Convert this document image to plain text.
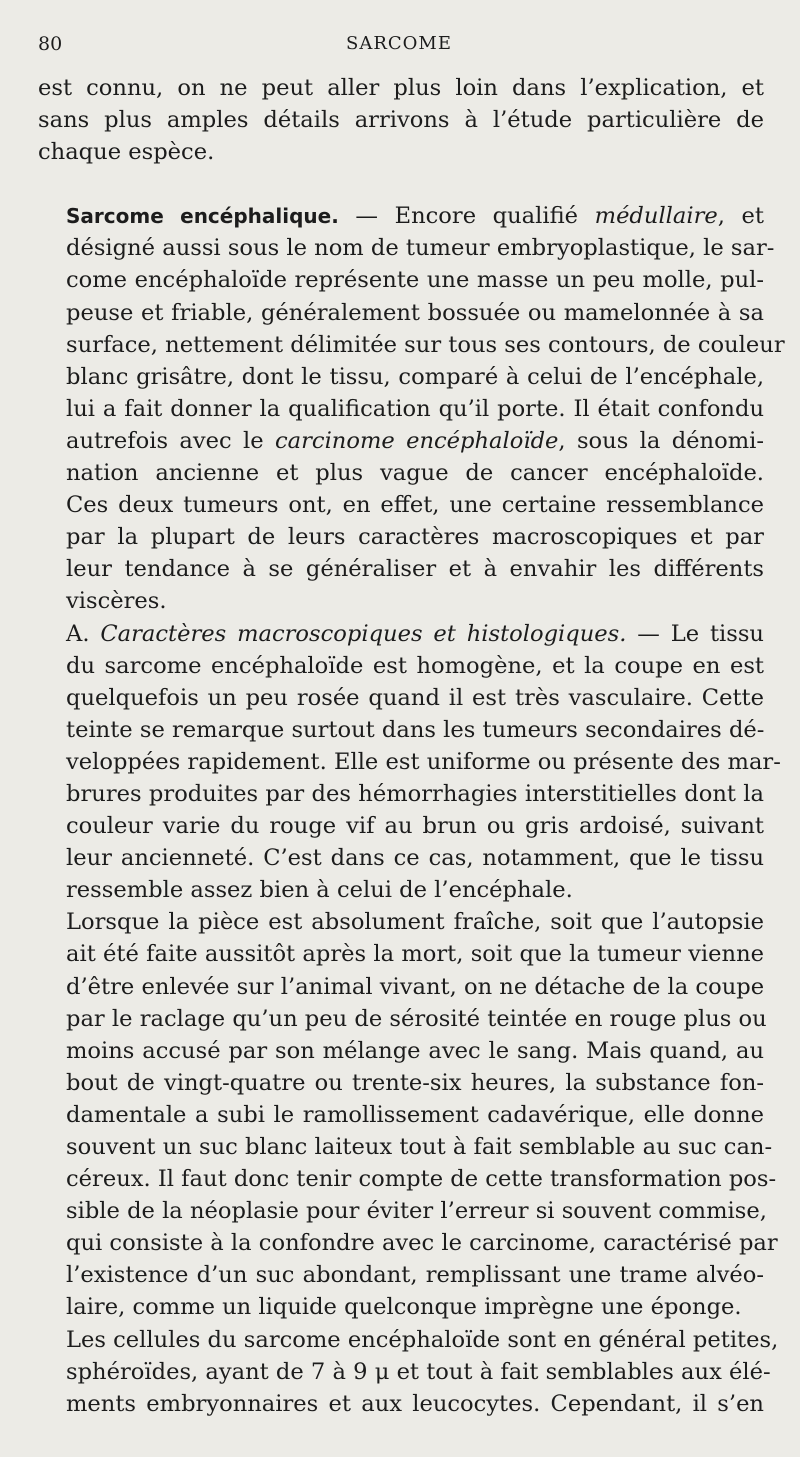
80	SARCOME

est connu, on ne peut aller plus loin dans l’explication, et
sans plus amples détails arrivons à l’étude particulière de
chaque espèce.

Sarcome encéphalique. — Encore qualifié médullaire, et
désigné aussi sous le nom de tumeur embryoplastique, le sar-
come encéphaloïde représente une masse un peu molle, pul-
peuse et friable, généralement bossuée ou mamelonnée à sa
surface, nettement délimitée sur tous ses contours, de couleur
blanc grisâtre, dont le tissu, comparé à celui de l’encéphale,
lui a fait donner la qualification qu’il porte. Il était confondu
autrefois avec le carcinome encéphaloïde, sous la dénomi-
nation ancienne et plus vague de cancer encéphaloïde.
Ces deux tumeurs ont, en effet, une certaine ressemblance
par la plupart de leurs caractères macroscopiques et par
leur tendance à se généraliser et à envahir les différents
viscères.

A. Caractères macroscopiques et histologiques. — Le tissu
du sarcome encéphaloïde est homogène, et la coupe en est
quelquefois un peu rosée quand il est très vasculaire. Cette
teinte se remarque surtout dans les tumeurs secondaires dé-
veloppées rapidement. Elle est uniforme ou présente des mar-
brures produites par des hémorrhagies interstitielles dont la
couleur varie du rouge vif au brun ou gris ardoisé, suivant
leur ancienneté. C’est dans ce cas, notamment, que le tissu
ressemble assez bien à celui de l’encéphale.

Lorsque la pièce est absolument fraîche, soit que l’autopsie
ait été faite aussitôt après la mort, soit que la tumeur vienne
d’être enlevée sur l’animal vivant, on ne détache de la coupe
par le raclage qu’un peu de sérosité teintée en rouge plus ou
moins accusé par son mélange avec le sang. Mais quand, au
bout de vingt-quatre ou trente-six heures, la substance fon-
damentale a subi le ramollissement cadavérique, elle donne
souvent un suc blanc laiteux tout à fait semblable au suc can-
céreux. Il faut donc tenir compte de cette transformation pos-
sible de la néoplasie pour éviter l’erreur si souvent commise,
qui consiste à la confondre avec le carcinome, caractérisé par
l’existence d’un suc abondant, remplissant une trame alvéo-
laire, comme un liquide quelconque imprègne une éponge.

Les cellules du sarcome encéphaloïde sont en général petites,
sphéroïdes, ayant de 7 à 9 μ et tout à fait semblables aux élé-
ments embryonnaires et aux leucocytes. Cependant, il s’en
